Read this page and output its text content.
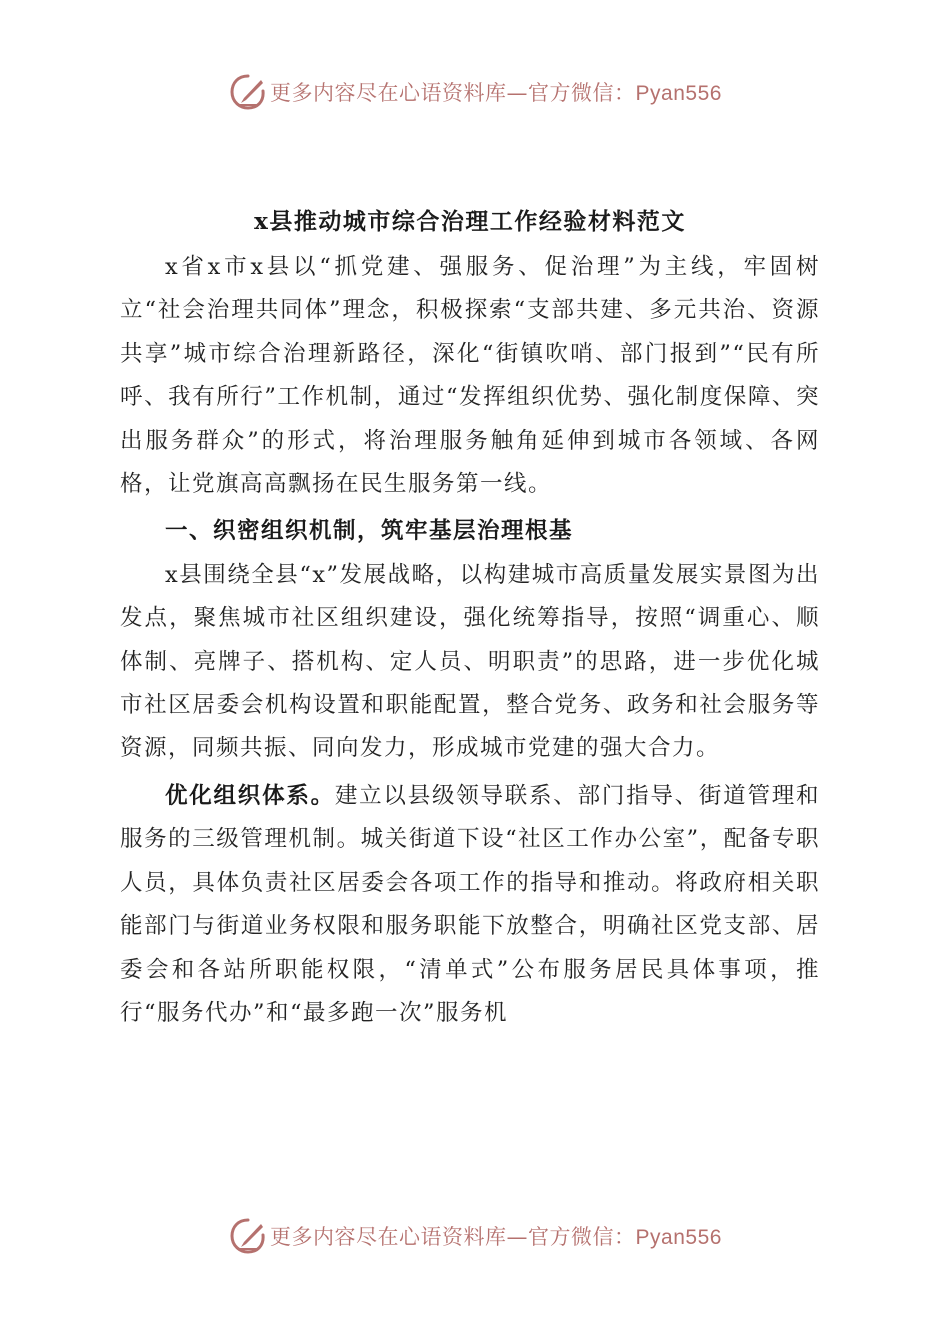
更多内容尽在心语资料库—官方微信：Pyan556
x县推动城市综合治理工作经验材料范文

x省x市x县以“抓党建、强服务、促治理”为主线，牢固树立“社会治理共同体”理念，积极探索“支部共建、多元共治、资源共享”城市综合治理新路径，深化“街镇吹哨、部门报到”“民有所呼、我有所行”工作机制，通过“发挥组织优势、强化制度保障、突出服务群众”的形式，将治理服务触角延伸到城市各领域、各网格，让党旗高高飘扬在民生服务第一线。

一、织密组织机制，筑牢基层治理根基

x县围绕全县“x”发展战略，以构建城市高质量发展实景图为出发点，聚焦城市社区组织建设，强化统筹指导，按照“调重心、顺体制、亮牌子、搭机构、定人员、明职责”的思路，进一步优化城市社区居委会机构设置和职能配置，整合党务、政务和社会服务等资源，同频共振、同向发力，形成城市党建的强大合力。

优化组织体系。建立以县级领导联系、部门指导、街道管理和服务的三级管理机制。城关街道下设“社区工作办公室”，配备专职人员，具体负责社区居委会各项工作的指导和推动。将政府相关职能部门与街道业务权限和服务职能下放整合，明确社区党支部、居委会和各站所职能权限，“清单式”公布服务居民具体事项，推行“服务代办”和“最多跑一次”服务机

更多内容尽在心语资料库—官方微信：Pyan556
